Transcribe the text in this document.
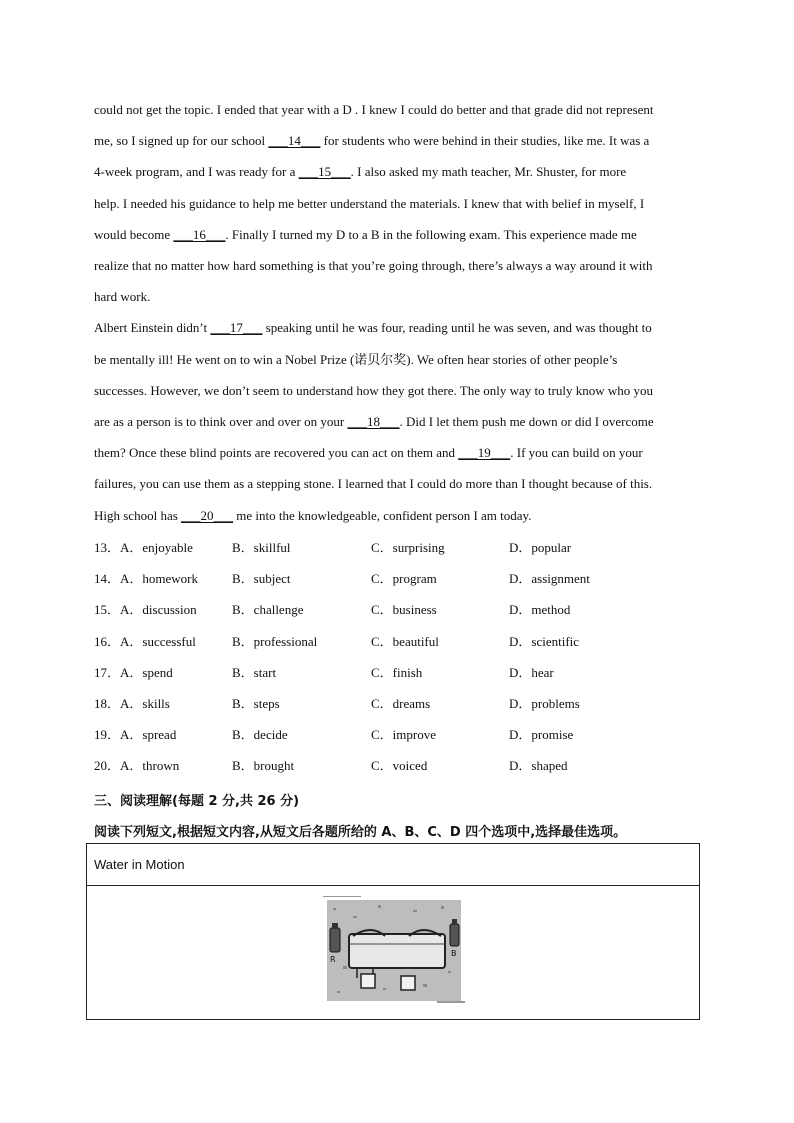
could not get the topic. I ended that year with a D . I knew I could do better and that grade did not represent
me, so I signed up for our school ___14___ for students who were behind in their studies, like me. It was a
4-week program, and I was ready for a ___15___. I also asked my math teacher, Mr. Shuster, for more
help. I needed his guidance to help me better understand the materials. I knew that with belief in myself, I
would become ___16___. Finally I turned my D to a B in the following exam. This experience made me
realize that no matter how hard something is that you’re going through, there’s always a way around it with
hard work.
Albert Einstein didn’t ___17___ speaking until he was four, reading until he was seven, and was thought to
be mentally ill! He went on to win a Nobel Prize (诺贝尔奖). We often hear stories of other people’s
successes. However, we don’t seem to understand how they got there. The only way to truly know who you
are as a person is to think over and over on your ___18___. Did I let them push me down or did I overcome
them? Once these blind points are recovered you can act on them and ___19___. If you can build on your
failures, you can use them as a stepping stone. I learned that I could do more than I thought because of this.
High school has ___20___ me into the knowledgeable, confident person I am today.
13．A．enjoyable	B．skillful	C．surprising	D．popular
14．A．homework	B．subject	C．program	D．assignment
15．A．discussion	B．challenge	C．business	D．method
16．A．successful	B．professional	C．beautiful	D．scientific
17．A．spend	B．start	C．finish	D．hear
18．A．skills	B．steps	C．dreams	D．problems
19．A．spread	B．decide	C．improve	D．promise
20．A．thrown	B．brought	C．voiced	D．shaped
三、阅读理解(每题 2 分,共 26 分)
阅读下列短文,根据短文内容,从短文后各题所给的 A、B、C、D 四个选项中,选择最佳选项。
Water in Motion
R
B
